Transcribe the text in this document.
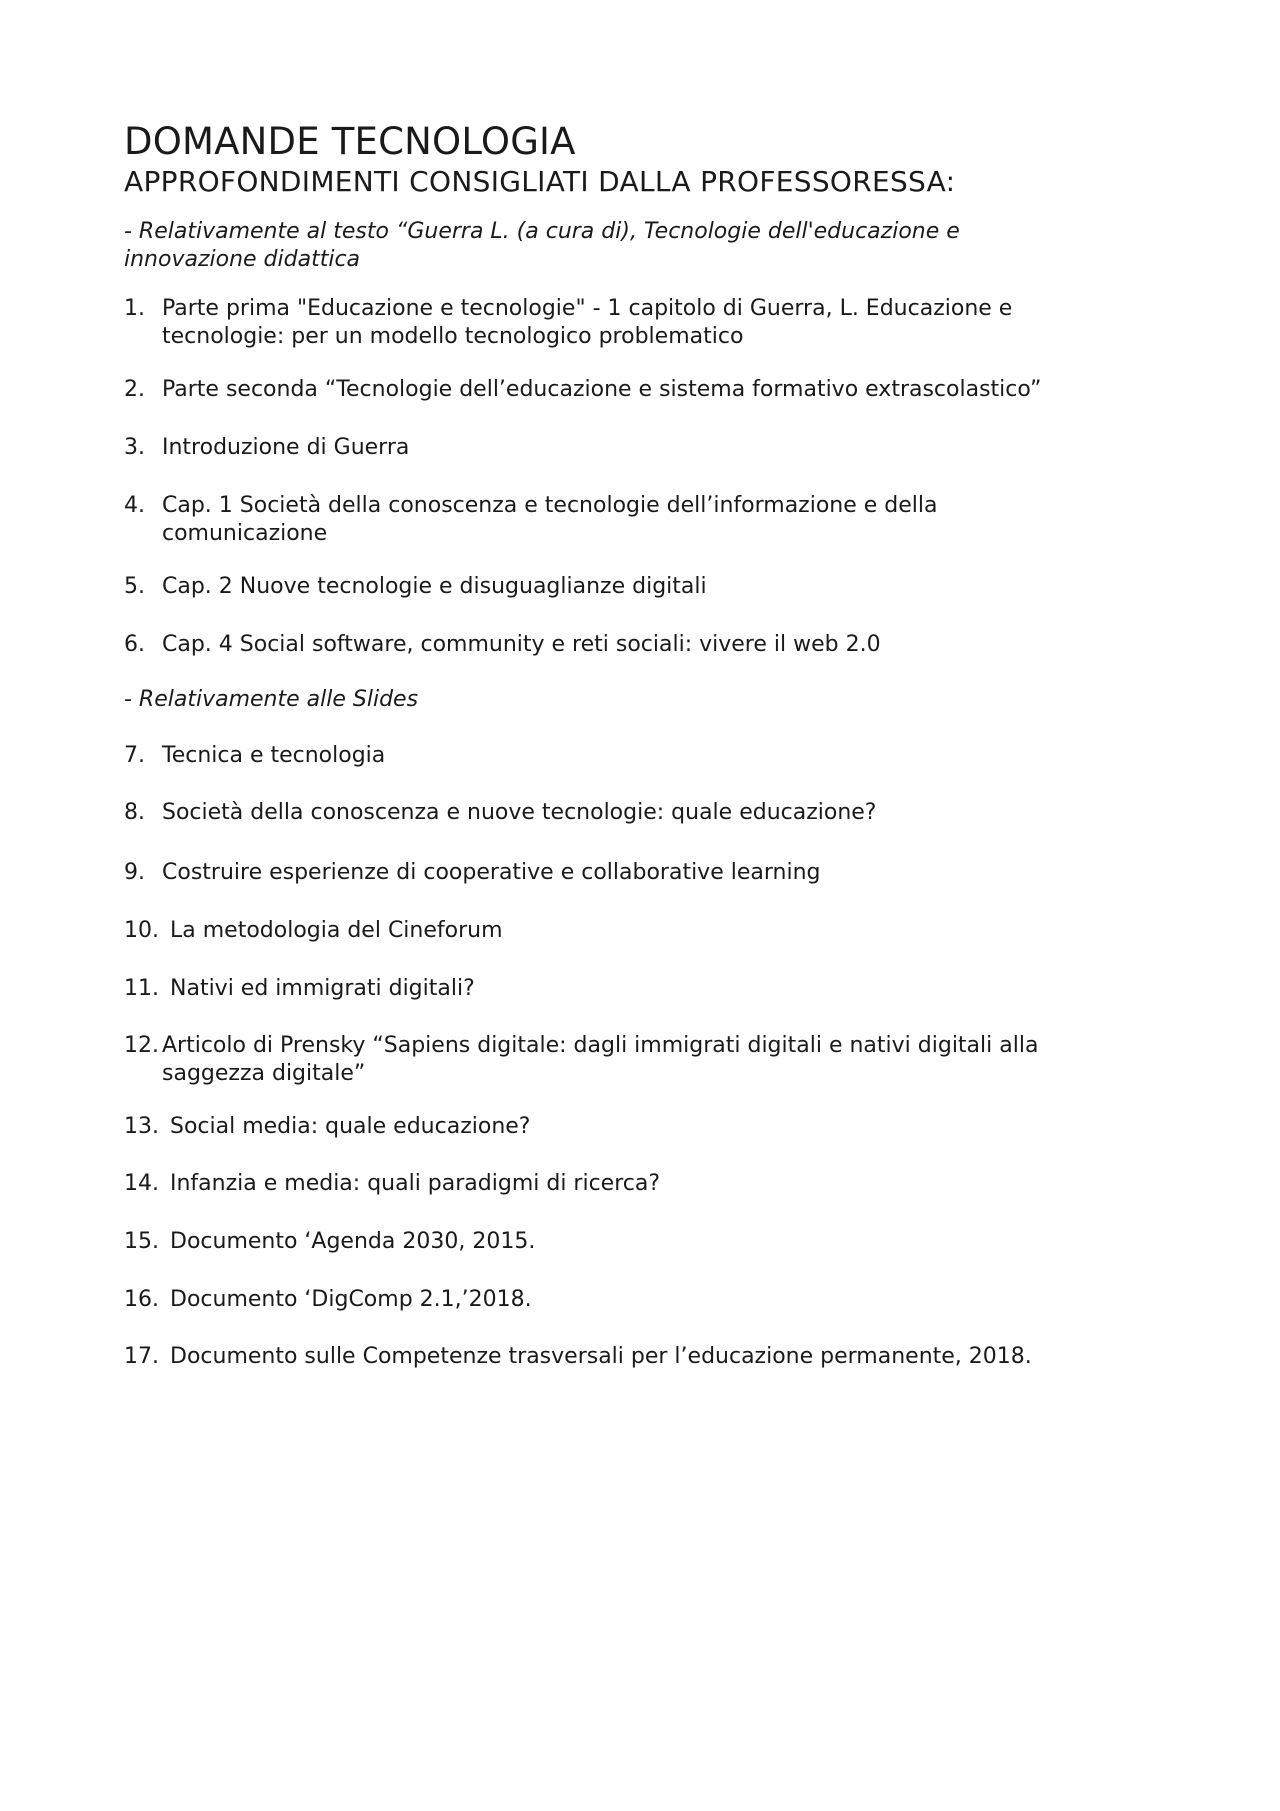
DOMANDE TECNOLOGIA
APPROFONDIMENTI CONSIGLIATI DALLA PROFESSORESSA:

- Relativamente al testo “Guerra L. (a cura di), Tecnologie dell'educazione e
innovazione didattica

1. Parte prima "Educazione e tecnologie" - 1 capitolo di Guerra, L. Educazione e
tecnologie: per un modello tecnologico problematico
2. Parte seconda “Tecnologie dell’educazione e sistema formativo extrascolastico”
3. Introduzione di Guerra
4. Cap. 1 Società della conoscenza e tecnologie dell’informazione e della
comunicazione
5. Cap. 2 Nuove tecnologie e disuguaglianze digitali
6. Cap. 4 Social software, community e reti sociali: vivere il web 2.0

- Relativamente alle Slides

7. Tecnica e tecnologia
8. Società della conoscenza e nuove tecnologie: quale educazione?
9. Costruire esperienze di cooperative e collaborative learning
10. La metodologia del Cineforum
11. Nativi ed immigrati digitali?
12. Articolo di Prensky “Sapiens digitale: dagli immigrati digitali e nativi digitali alla
saggezza digitale”
13. Social media: quale educazione?
14. Infanzia e media: quali paradigmi di ricerca?
15. Documento ‘Agenda 2030, 2015.
16. Documento ‘DigComp 2.1,’2018.
17. Documento sulle Competenze trasversali per l’educazione permanente, 2018.
